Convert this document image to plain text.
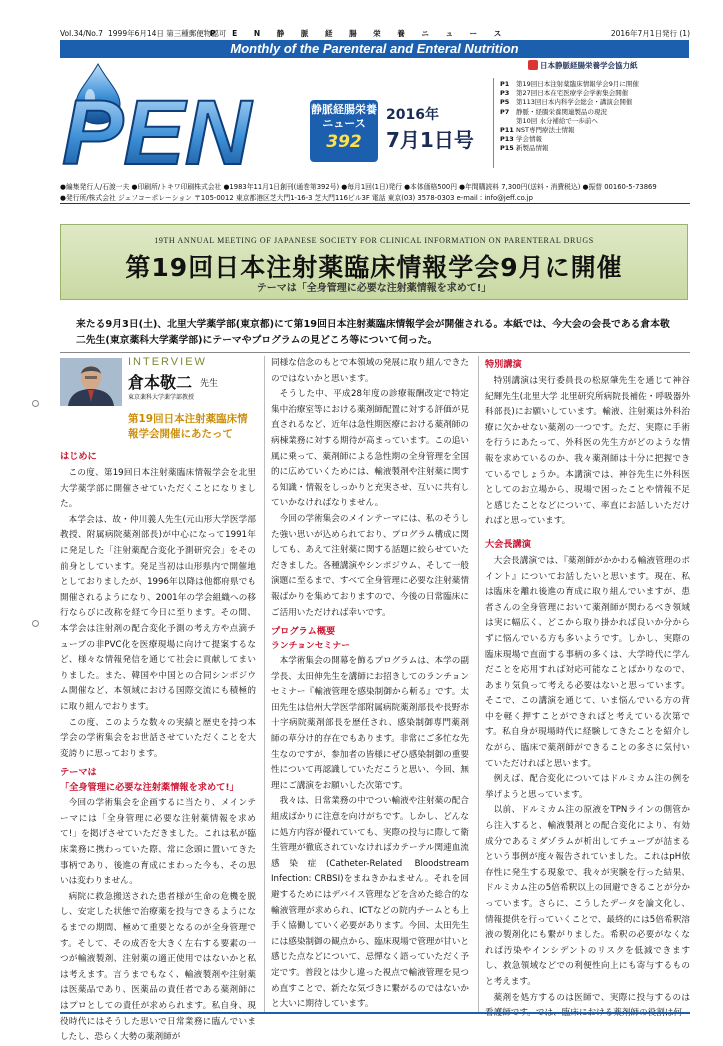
Vol.34/No.7 1999年6月14日 第三種郵便物認可
P E N 静 脈 経 腸 栄 養 ニ ュ ー ス	2016年7月1日発行 (1)
Monthly of the Parenteral and Enteral Nutrition
PEN	静脈経腸栄養
ニュース
392
2016年
7月1日号
日本静脈経腸栄養学会協力紙
P1	第19回日本注射薬臨床情報学会9月に開催
P3	第27回日本在宅医療学会学術集会開催
P5	第113回日本内科学会総会・講演会開催
P7	静脈・経腸栄養関連製品の現況
第10回 水分補給で一歩前へ
P11 NST専門療法士情報
P13 学会情報
P15 新製品情報
●編集発行人/石渡一夫 ●印刷所/トキワ印刷株式会社 ●1983年11月1日創刊(通巻第392号) ●毎月1回(1日)発行 ●本体価格500円 ●年間購読料 7,300円(送料・消費税込) ●振替 00160-5-73869
●発行所/株式会社 ジェフコーポレーション 〒105-0012 東京都港区芝大門1-16-3 芝大門116ビル3F 電話 東京(03) 3578-0303 e-mail : info@jeff.co.jp
19TH ANNUAL MEETING OF JAPANESE SOCIETY FOR CLINICAL INFORMATION ON PARENTERAL DRUGS
第19回日本注射薬臨床情報学会9月に開催
テーマは「全身管理に必要な注射薬情報を求めて!」
来たる9月3日(土)、北里大学薬学部(東京都)にて第19回日本注射薬臨床情報学会が開催される。本紙では、今大会の会長である倉本敬二先生(東京薬科大学薬学部)にテーマやプログラムの見どころ等について伺った。
INTERVIEW
倉本敬二 先生
東京薬科大学薬学部教授
第19回日本注射薬臨床情報学会開催にあたって
はじめに

この度、第19回日本注射薬臨床情報学会を北里大学薬学部に開催させていただくことになりました。

本学会は、故・仲川義人先生(元山形大学医学部教授、附属病院薬剤部長)が中心になって1991年に発足した「注射薬配合変化予測研究会」をその前身としています。発足当初は山形県内で開催地としておりましたが、1996年以降は他都府県でも開催されるようになり、2001年の学会組織への移行ならびに改称を経て今日に至ります。その間、本学会は注射剤の配合変化予測の考え方や点滴チューブの非PVC化を医療現場に向けて提案するなど、様々な情報発信を通じて社会に貢献してまいりました。また、韓国や中国との合同シンポジウム開催など、本領域における国際交流にも積極的に取り組んでおります。

この度、このような数々の実績と歴史を持つ本学会の学術集会をお世話させていただくことを大変誇りに思っております。

テーマは
「全身管理に必要な注射薬情報を求めて!」

今回の学術集会を企画するに当たり、メインテーマには「全身管理に必要な注射薬情報を求めて!」を掲げさせていただきました。これは私が臨床業務に携わっていた際、常に念頭に置いてきた事柄であり、後進の育成にまわった今も、その思いは変わりません。

病院に救急搬送された患者様が生命の危機を脱し、安定した状態で治療薬を投与できるようになるまでの期間、極めて重要となるのが全身管理です。そして、その成否を大きく左右する要素の一つが輸液製剤、注射薬の適正使用ではないかと私は考えます。言うまでもなく、輸液製剤や注射薬は医薬品であり、医薬品の責任者である薬剤師にはプロとしての責任が求められます。私自身、現役時代にはそうした思いで日常業務に臨んでいましたし、恐らく大勢の薬剤師が

同様な信念のもとで本領域の発展に取り組んできたのではないかと思います。

そうした中、平成28年度の診療報酬改定で特定集中治療室等における薬剤師配置に対する評価が見直されるなど、近年は急性期医療における薬剤師の病棟業務に対する期待が高まっています。この追い風に乗って、薬剤師による急性期の全身管理を全国的に広めていくためには、輸液製剤や注射薬に関する知識・情報をしっかりと充実させ、互いに共有していかなければなりません。

今回の学術集会のメインテーマには、私のそうした強い思いが込められており、プログラム構成に関しても、あえて注射薬に関する話題に絞らせていただきました。各種講演やシンポジウム、そして一般演題に至るまで、すべて全身管理に必要な注射薬情報ばかりを集めておりますので、今後の日常臨床にご活用いただければ幸いです。

プログラム概要
ランチョンセミナー

本学術集会の開幕を飾るプログラムは、本学の副学長、太田伸先生を講師にお招きしてのランチョンセミナー『輸液管理を感染制御から斬る』です。太田先生は信州大学医学部附属病院薬剤部長や長野赤十字病院薬剤部長を歴任され、感染制御専門薬剤師の草分け的存在でもあります。非常にご多忙な先生なのですが、参加者の皆様にぜひ感染制御の重要性について再認識していただこうと思い、今回、無理にご講演をお願いした次第です。

我々は、日常業務の中でつい輸液や注射薬の配合組成ばかりに注意を向けがちです。しかし、どんなに処方内容が優れていても、実際の投与に際して衛生管理が徹底されていなければカテーテル関連血流感染症(Catheter-Related Bloodstream Infection: CRBSI)をまねきかねません。それを回避するためにはデバイス管理などを含めた総合的な輸液管理が求められ、ICTなどの院内チームとも上手く協働していく必要があります。今回、太田先生には感染制御の観点から、臨床現場で管理が甘いと感じた点などについて、忌憚なく語っていただく予定です。普段とは少し違った視点で輸液管理を見つめ直すことで、新たな気づきに繋がるのではないかと大いに期待しています。

特別講演

特別講演は実行委員長の松原肇先生を通じて神谷紀輝先生(北里大学 北里研究所病院長補佐・呼吸器外科部長)にお願いしています。輸液、注射薬は外科治療に欠かせない薬剤の一つです。ただ、実際に手術を行うにあたって、外科医の先生方がどのような情報を求めているのか、我々薬剤師は十分に把握できているでしょうか。本講演では、神谷先生に外科医としてのお立場から、現場で困ったことや情報不足と感じたことなどについて、率直にお話しいただければと思っています。

大会長講演

大会長講演では、『薬剤師がかかわる輸液管理のポイント』についてお話したいと思います。現在、私は臨床を離れ後進の育成に取り組んでいますが、患者さんの全身管理において薬剤師が関わるべき領域は実に幅広く、どこから取り掛かれば良いか分からずに悩んでいる方も多いようです。しかし、実際の臨床現場で直面する事柄の多くは、大学時代に学んだことを応用すれば対応可能なことばかりなので、あまり気負って考える必要はないと思っています。そこで、この講演を通じて、いま悩んでいる方の背中を軽く押すことができればと考えている次第です。私自身が現場時代に経験してきたことを紹介しながら、臨床で薬剤師ができることの多さに気付いていただければと思います。

例えば、配合変化についてはドルミカム注の例を挙げようと思っています。

以前、ドルミカム注の原液をTPNラインの側管から注入すると、輸液製剤との配合変化により、有効成分であるミダゾラムが析出してチューブが詰まるという事例が度々報告されていました。これはpH依存性に発生する現象で、我々が実験を行った結果、ドルミカム注の5倍希釈以上の回避できることが分かっています。さらに、こうしたデータを論文化し、情報提供を行っていくことで、最終的には5倍希釈溶液の製剤化にも繋がりました。希釈の必要がなくなれば汚染やインシデントのリスクを低減できますし、救急領域などでの利便性向上にも寄与するものと考えます。

薬剤を処方するのは医師で、実際に投与するのは
